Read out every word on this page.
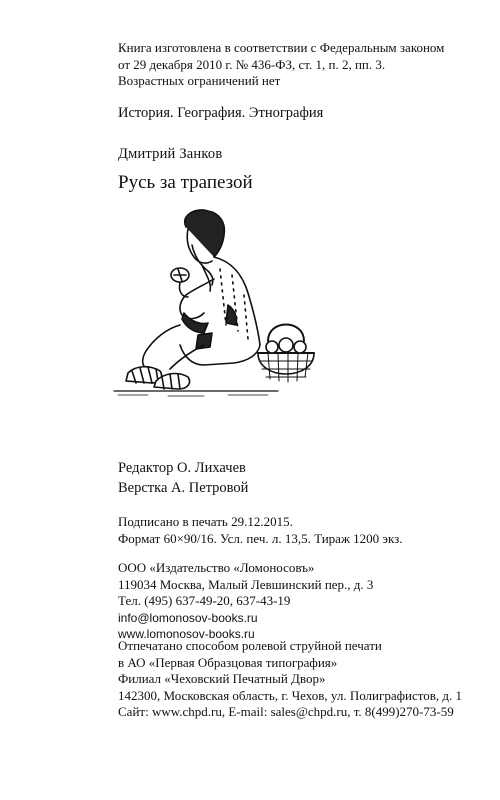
Книга изготовлена в соответствии с Федеральным законом
от 29 декабря 2010 г. № 436-ФЗ, ст. 1, п. 2, пп. 3.
Возрастных ограничений нет
История. География. Этнография
Дмитрий Занков
Русь за трапезой
Редактор О. Лихачев
Верстка А. Петровой
Подписано в печать 29.12.2015.
Формат 60×90/16. Усл. печ. л. 13,5. Тираж 1200 экз.
ООО «Издательство «Ломоносовъ»
119034 Москва, Малый Левшинский пер., д. 3
Тел. (495) 637-49-20, 637-43-19
info@lomonosov-books.ru
www.lomonosov-books.ru
Отпечатано способом ролевой струйной печати
в АО «Первая Образцовая типография»
Филиал «Чеховский Печатный Двор»
142300, Московская область, г. Чехов, ул. Полиграфистов, д. 1
Сайт: www.chpd.ru, E-mail: sales@chpd.ru, т. 8(499)270-73-59
